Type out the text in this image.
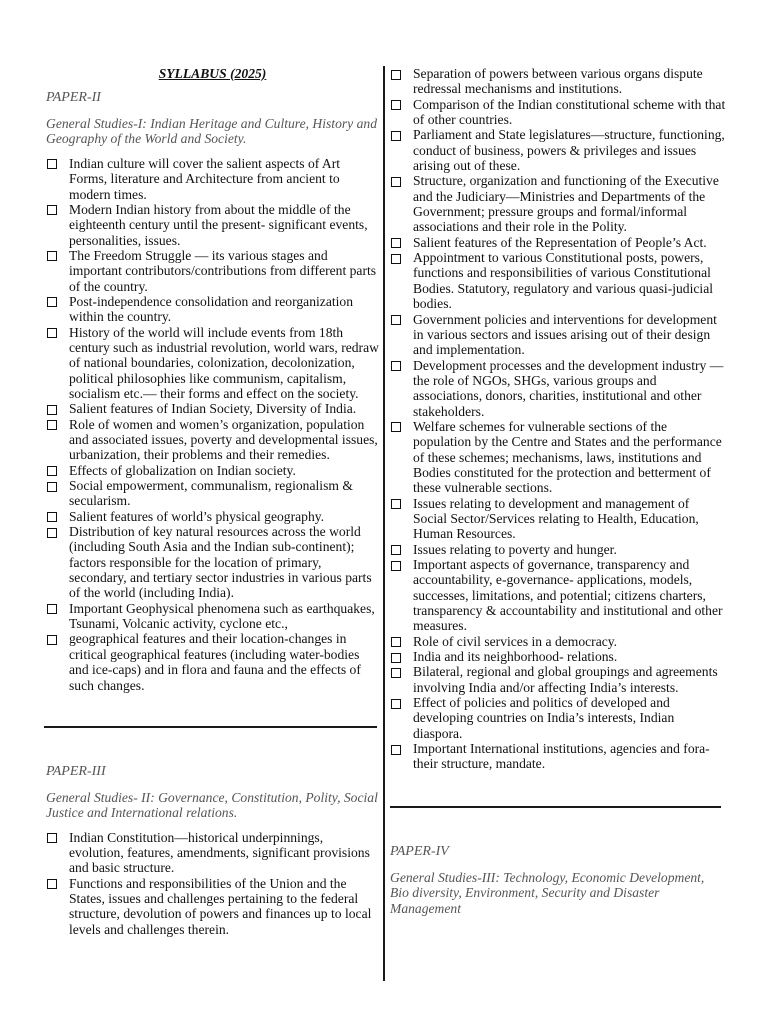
SYLLABUS (2025)
PAPER-II
General Studies-I: Indian Heritage and Culture, History and Geography of the World and Society.
Indian culture will cover the salient aspects of Art Forms, literature and Architecture from ancient to modern times.
Modern Indian history from about the middle of the eighteenth century until the present- significant events, personalities, issues.
The Freedom Struggle — its various stages and important contributors/contributions from different parts of the country.
Post-independence consolidation and reorganization within the country.
History of the world will include events from 18th century such as industrial revolution, world wars, redraw of national boundaries, colonization, decolonization, political philosophies like communism, capitalism, socialism etc.— their forms and effect on the society.
Salient features of Indian Society, Diversity of India.
Role of women and women’s organization, population and associated issues, poverty and developmental issues, urbanization, their problems and their remedies.
Effects of globalization on Indian society.
Social empowerment, communalism, regionalism & secularism.
Salient features of world’s physical geography.
Distribution of key natural resources across the world (including South Asia and the Indian sub-continent); factors responsible for the location of primary, secondary, and tertiary sector industries in various parts of the world (including India).
Important Geophysical phenomena such as earthquakes, Tsunami, Volcanic activity, cyclone etc.,
geographical features and their location-changes in critical geographical features (including water-bodies and ice-caps) and in flora and fauna and the effects of such changes.
PAPER-III
General Studies- II: Governance, Constitution, Polity, Social Justice and International relations.
Indian Constitution—historical underpinnings, evolution, features, amendments, significant provisions and basic structure.
Functions and responsibilities of the Union and the States, issues and challenges pertaining to the federal structure, devolution of powers and finances up to local levels and challenges therein.
Separation of powers between various organs dispute redressal mechanisms and institutions.
Comparison of the Indian constitutional scheme with that of other countries.
Parliament and State legislatures—structure, functioning, conduct of business, powers & privileges and issues arising out of these.
Structure, organization and functioning of the Executive and the Judiciary—Ministries and Departments of the Government; pressure groups and formal/informal associations and their role in the Polity.
Salient features of the Representation of People’s Act.
Appointment to various Constitutional posts, powers, functions and responsibilities of various Constitutional Bodies. Statutory, regulatory and various quasi-judicial bodies.
Government policies and interventions for development in various sectors and issues arising out of their design and implementation.
Development processes and the development industry —the role of NGOs, SHGs, various groups and associations, donors, charities, institutional and other stakeholders.
Welfare schemes for vulnerable sections of the population by the Centre and States and the performance of these schemes; mechanisms, laws, institutions and Bodies constituted for the protection and betterment of these vulnerable sections.
Issues relating to development and management of Social Sector/Services relating to Health, Education, Human Resources.
Issues relating to poverty and hunger.
Important aspects of governance, transparency and accountability, e-governance- applications, models, successes, limitations, and potential; citizens charters, transparency & accountability and institutional and other measures.
Role of civil services in a democracy.
India and its neighborhood- relations.
Bilateral, regional and global groupings and agreements involving India and/or affecting India’s interests.
Effect of policies and politics of developed and developing countries on India’s interests, Indian diaspora.
Important International institutions, agencies and fora- their structure, mandate.
PAPER-IV
General Studies-III: Technology, Economic Development, Bio diversity, Environment, Security and Disaster Management
